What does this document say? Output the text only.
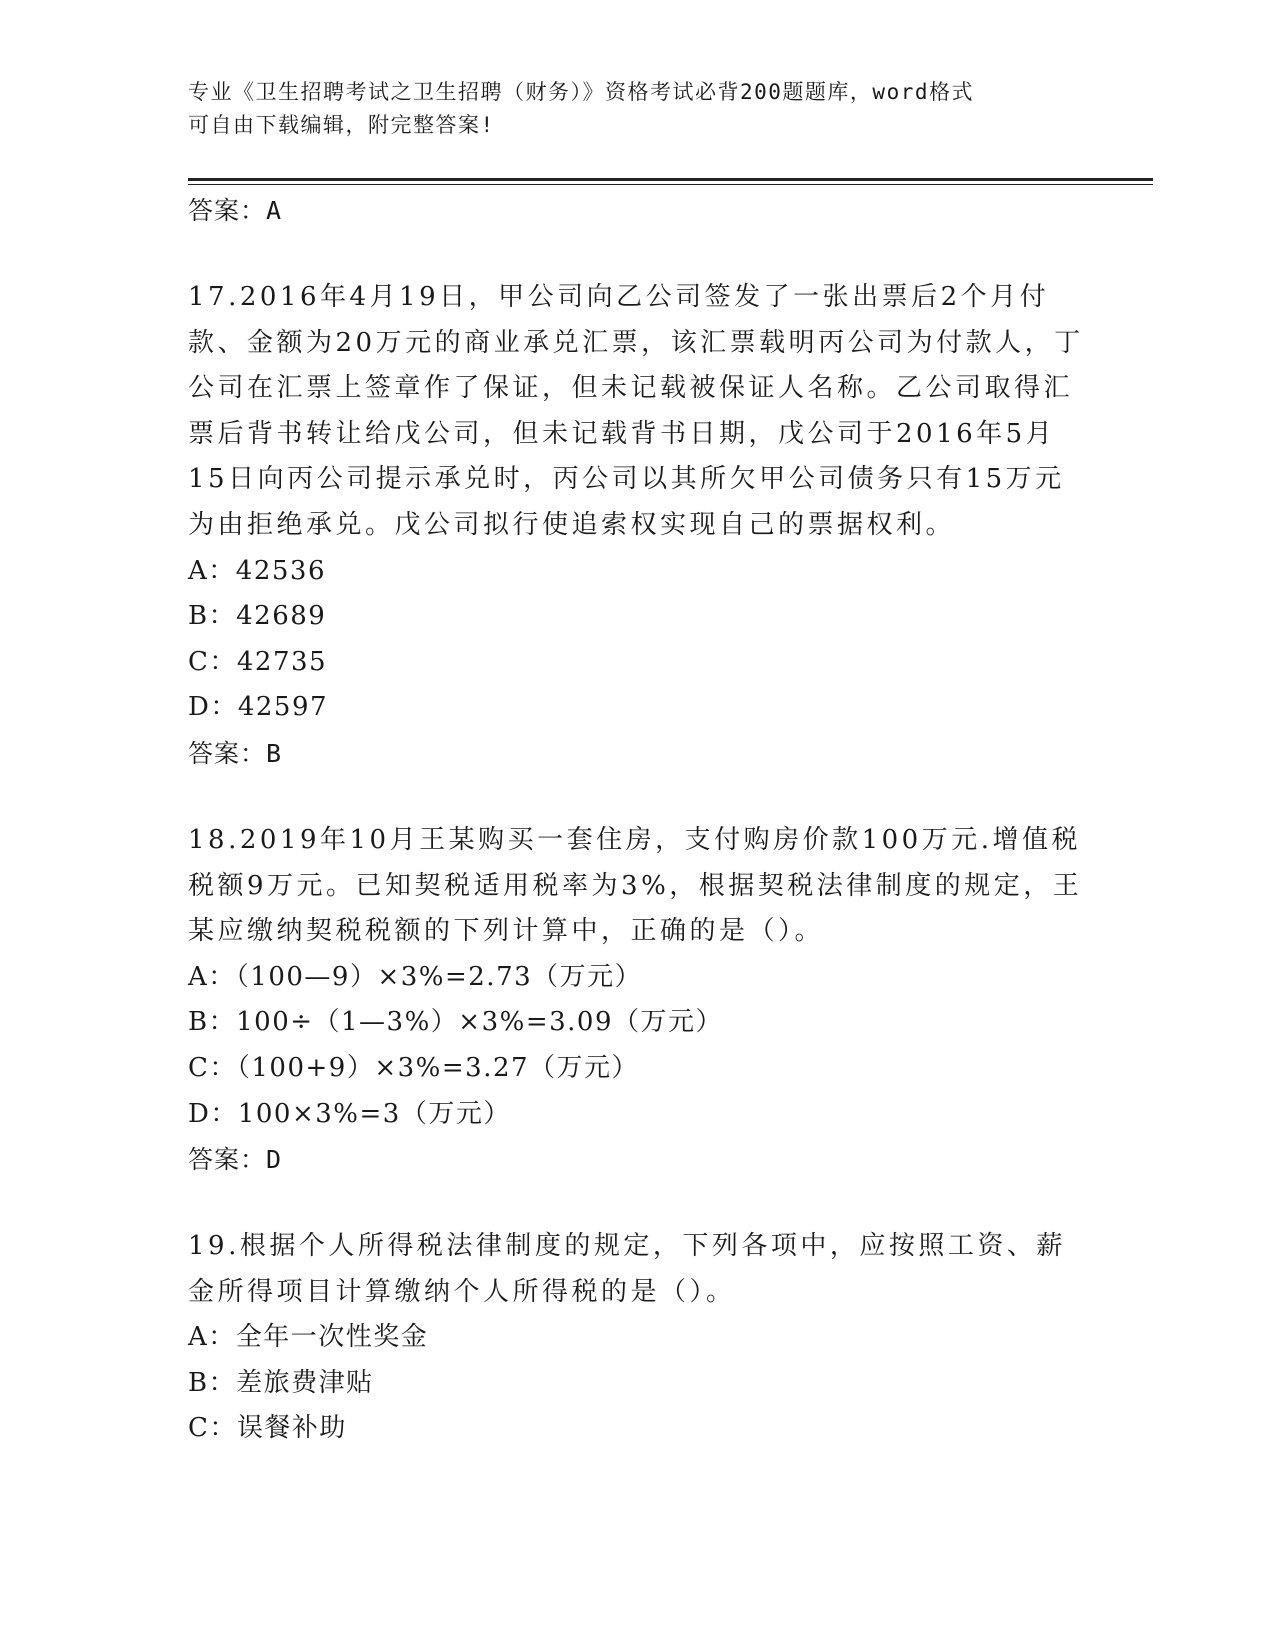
专业《卫生招聘考试之卫生招聘（财务）》资格考试必背200题题库，word格式
可自由下载编辑，附完整答案!
答案：A

17.2016年4月19日，甲公司向乙公司签发了一张出票后2个月付款、金额为20万元的商业承兑汇票，该汇票载明丙公司为付款人，丁公司在汇票上签章作了保证，但未记载被保证人名称。乙公司取得汇票后背书转让给戊公司，但未记载背书日期，戊公司于2016年5月15日向丙公司提示承兑时，丙公司以其所欠甲公司债务只有15万元为由拒绝承兑。戊公司拟行使追索权实现自己的票据权利。

A：42536
B：42689
C：42735
D：42597
答案：B

18.2019年10月王某购买一套住房，支付购房价款100万元.增值税税额9万元。已知契税适用税率为3%，根据契税法律制度的规定，王某应缴纳契税税额的下列计算中，正确的是（）。

A：（100—9）×3%=2.73（万元）
B：100÷（1—3%）×3%=3.09（万元）
C：（100+9）×3%=3.27（万元）
D：100×3%=3（万元）
答案：D

19.根据个人所得税法律制度的规定，下列各项中，应按照工资、薪金所得项目计算缴纳个人所得税的是（）。

A：全年一次性奖金
B：差旅费津贴
C：误餐补助
